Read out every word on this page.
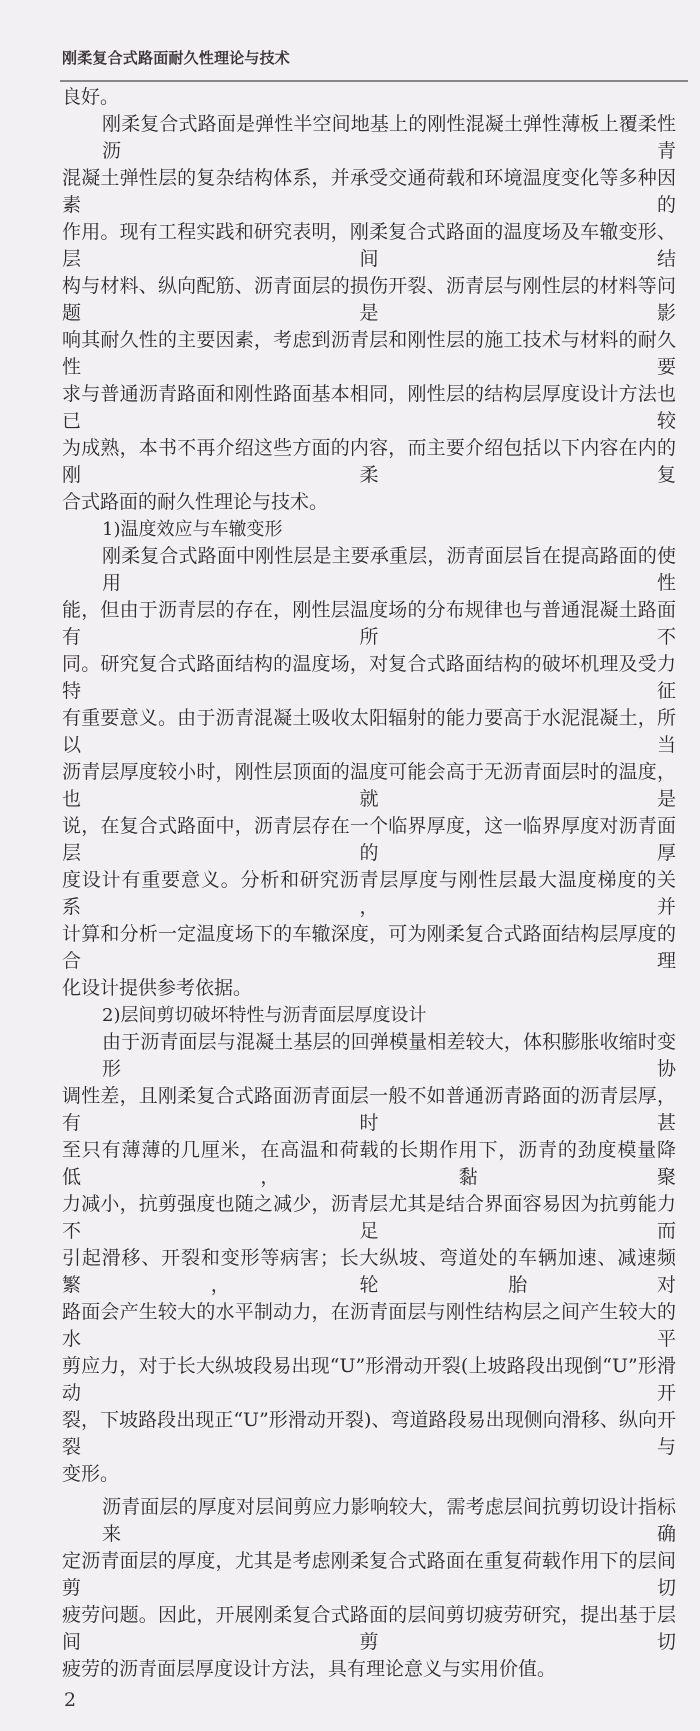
刚柔复合式路面耐久性理论与技术
良好。
刚柔复合式路面是弹性半空间地基上的刚性混凝土弹性薄板上覆柔性沥青
混凝土弹性层的复杂结构体系，并承受交通荷载和环境温度变化等多种因素的
作用。现有工程实践和研究表明，刚柔复合式路面的温度场及车辙变形、层间结
构与材料、纵向配筋、沥青面层的损伤开裂、沥青层与刚性层的材料等问题是影
响其耐久性的主要因素，考虑到沥青层和刚性层的施工技术与材料的耐久性要
求与普通沥青路面和刚性路面基本相同，刚性层的结构层厚度设计方法也已较
为成熟，本书不再介绍这些方面的内容，而主要介绍包括以下内容在内的刚柔复
合式路面的耐久性理论与技术。
1)温度效应与车辙变形
刚柔复合式路面中刚性层是主要承重层，沥青面层旨在提高路面的使用性
能，但由于沥青层的存在，刚性层温度场的分布规律也与普通混凝土路面有所不
同。研究复合式路面结构的温度场，对复合式路面结构的破坏机理及受力特征
有重要意义。由于沥青混凝土吸收太阳辐射的能力要高于水泥混凝土，所以当
沥青层厚度较小时，刚性层顶面的温度可能会高于无沥青面层时的温度，也就是
说，在复合式路面中，沥青层存在一个临界厚度，这一临界厚度对沥青面层的厚
度设计有重要意义。分析和研究沥青层厚度与刚性层最大温度梯度的关系，并
计算和分析一定温度场下的车辙深度，可为刚柔复合式路面结构层厚度的合理
化设计提供参考依据。
2)层间剪切破坏特性与沥青面层厚度设计
由于沥青面层与混凝土基层的回弹模量相差较大，体积膨胀收缩时变形协
调性差，且刚柔复合式路面沥青面层一般不如普通沥青路面的沥青层厚，有时甚
至只有薄薄的几厘米，在高温和荷载的长期作用下，沥青的劲度模量降低，黏聚
力减小，抗剪强度也随之减少，沥青层尤其是结合界面容易因为抗剪能力不足而
引起滑移、开裂和变形等病害；长大纵坡、弯道处的车辆加速、减速频繁，轮胎对
路面会产生较大的水平制动力，在沥青面层与刚性结构层之间产生较大的水平
剪应力，对于长大纵坡段易出现“U”形滑动开裂(上坡路段出现倒“U”形滑动开
裂，下坡路段出现正“U”形滑动开裂)、弯道路段易出现侧向滑移、纵向开裂与
变形。
沥青面层的厚度对层间剪应力影响较大，需考虑层间抗剪切设计指标来确
定沥青面层的厚度，尤其是考虑刚柔复合式路面在重复荷载作用下的层间剪切
疲劳问题。因此，开展刚柔复合式路面的层间剪切疲劳研究，提出基于层间剪切
疲劳的沥青面层厚度设计方法，具有理论意义与实用价值。
2
